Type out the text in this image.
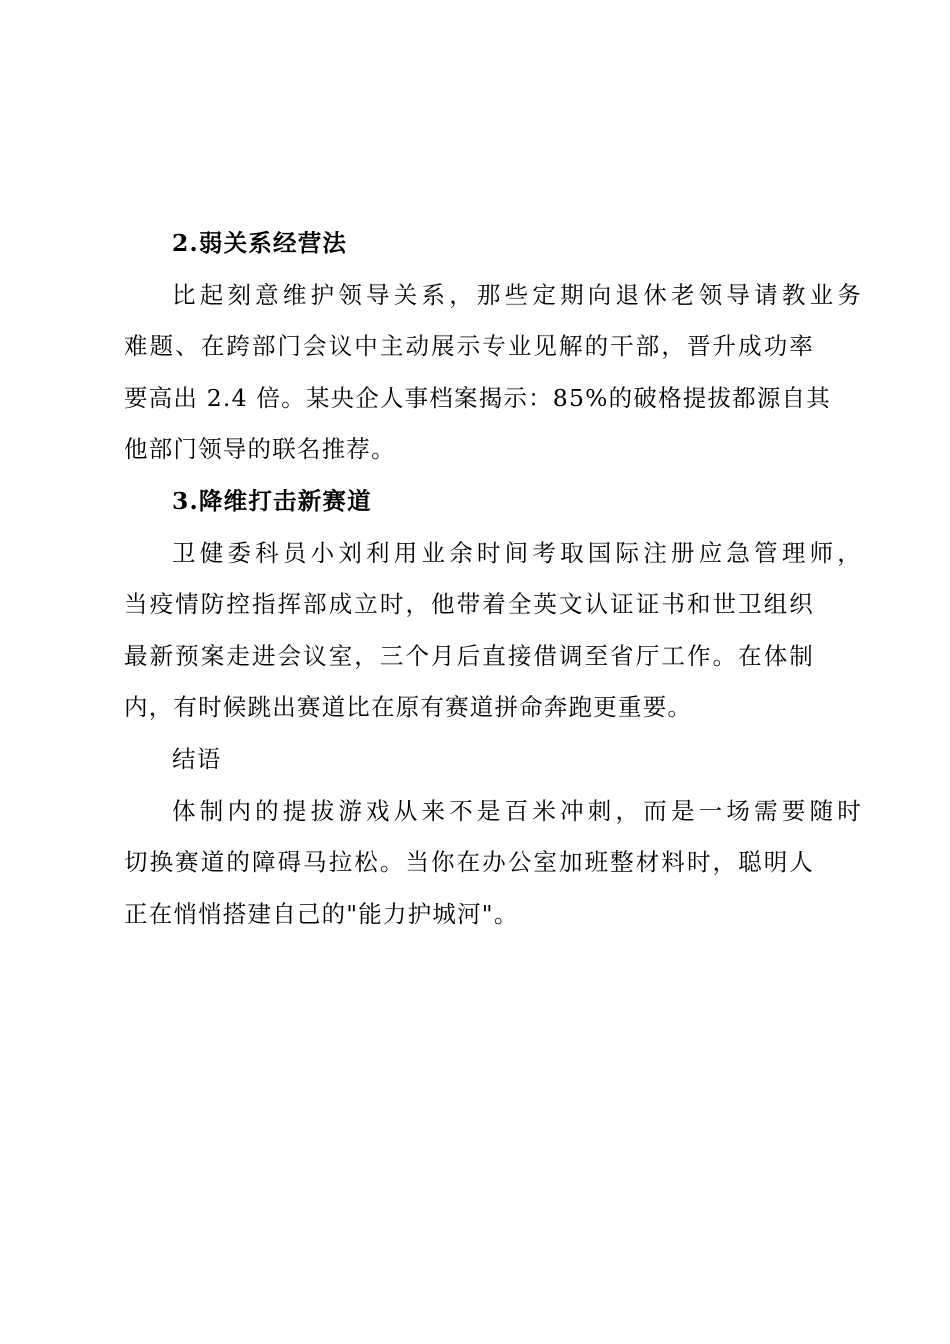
2.弱关系经营法
比起刻意维护领导关系，那些定期向退休老领导请教业务
难题、在跨部门会议中主动展示专业见解的干部，晋升成功率
要高出 2.4 倍。某央企人事档案揭示：85%的破格提拔都源自其
他部门领导的联名推荐。
3.降维打击新赛道
卫健委科员小刘利用业余时间考取国际注册应急管理师，
当疫情防控指挥部成立时，他带着全英文认证证书和世卫组织
最新预案走进会议室，三个月后直接借调至省厅工作。在体制
内，有时候跳出赛道比在原有赛道拼命奔跑更重要。
结语
体制内的提拔游戏从来不是百米冲刺，而是一场需要随时
切换赛道的障碍马拉松。当你在办公室加班整材料时，聪明人
正在悄悄搭建自己的"能力护城河"。
